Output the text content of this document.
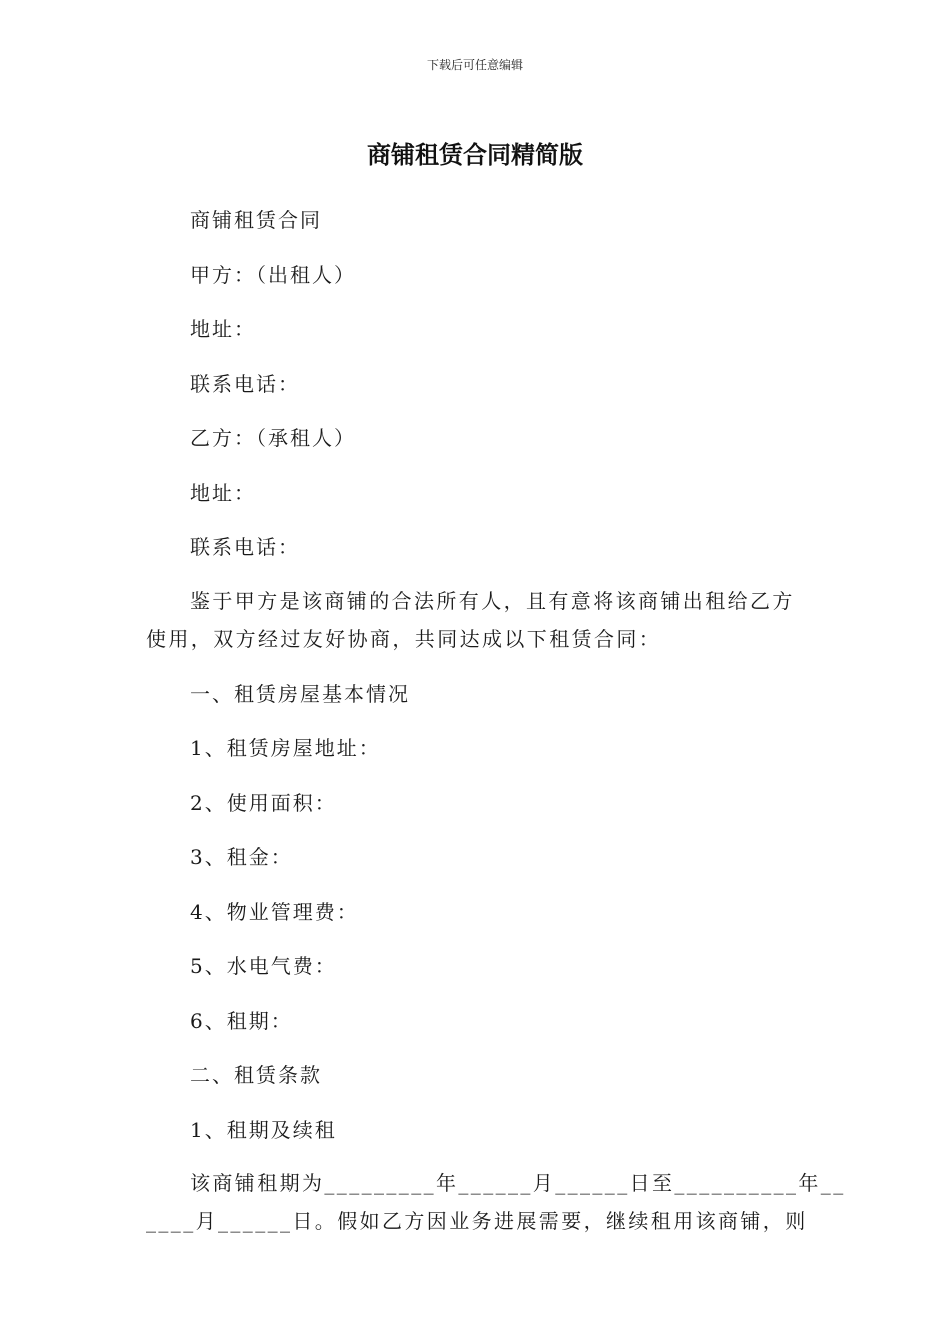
下载后可任意编辑
商铺租赁合同精简版
商铺租赁合同
甲方：（出租人）
地址：
联系电话：
乙方：（承租人）
地址：
联系电话：
鉴于甲方是该商铺的合法所有人，且有意将该商铺出租给乙方
使用，双方经过友好协商，共同达成以下租赁合同：
一、租赁房屋基本情况
1、租赁房屋地址：
2、使用面积：
3、租金：
4、物业管理费：
5、水电气费：
6、租期：
二、租赁条款
1、租期及续租
该商铺租期为_________年______月______日至__________年__
____月______日。假如乙方因业务进展需要，继续租用该商铺，则
